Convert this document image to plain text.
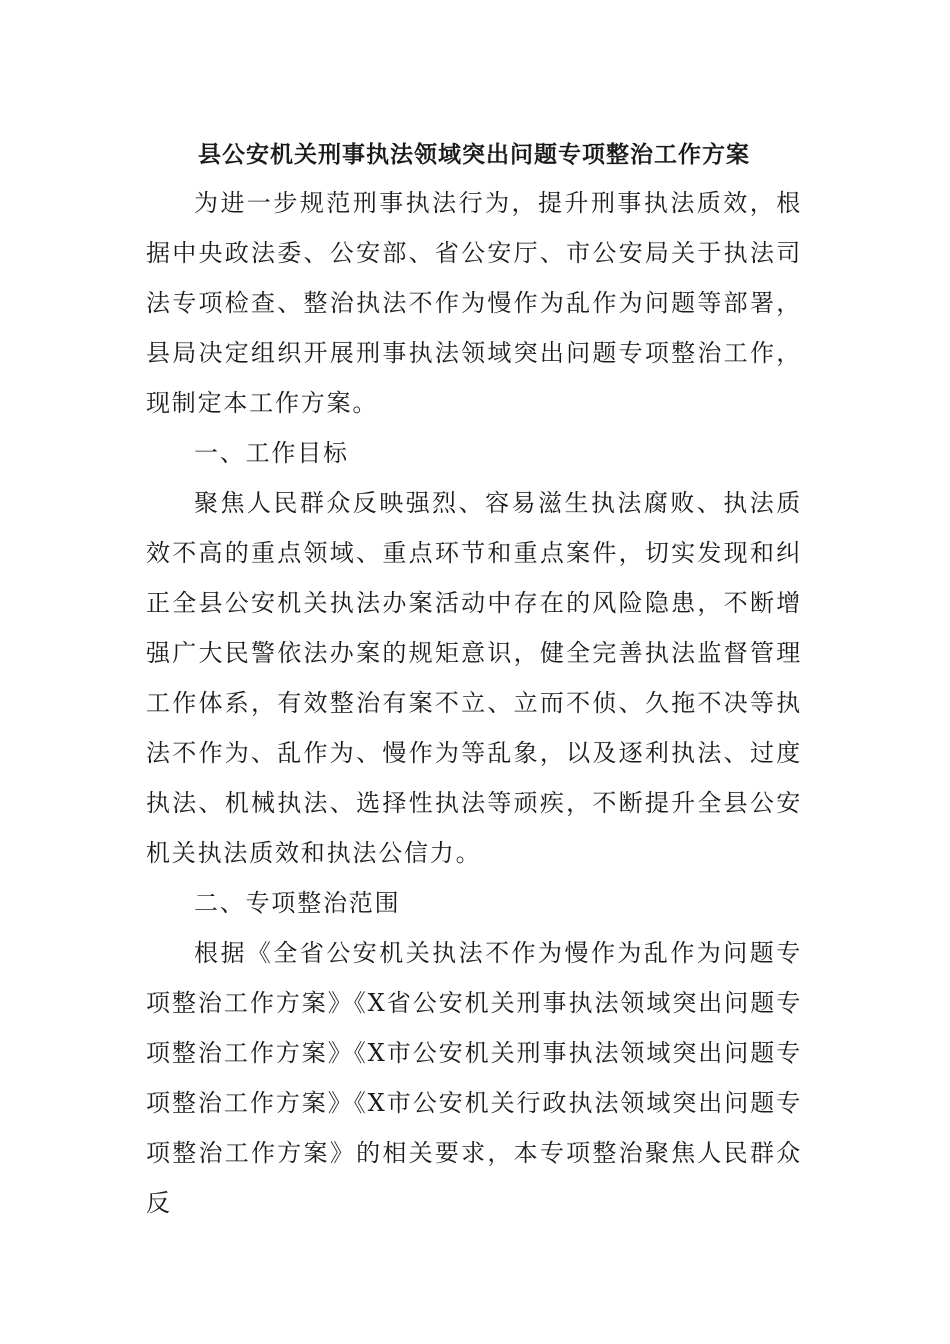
县公安机关刑事执法领域突出问题专项整治工作方案

为进一步规范刑事执法行为，提升刑事执法质效，根据中央政法委、公安部、省公安厅、市公安局关于执法司法专项检查、整治执法不作为慢作为乱作为问题等部署，县局决定组织开展刑事执法领域突出问题专项整治工作，现制定本工作方案。

一、工作目标

聚焦人民群众反映强烈、容易滋生执法腐败、执法质效不高的重点领域、重点环节和重点案件，切实发现和纠正全县公安机关执法办案活动中存在的风险隐患，不断增强广大民警依法办案的规矩意识，健全完善执法监督管理工作体系，有效整治有案不立、立而不侦、久拖不决等执法不作为、乱作为、慢作为等乱象，以及逐利执法、过度执法、机械执法、选择性执法等顽疾，不断提升全县公安机关执法质效和执法公信力。

二、专项整治范围

根据《全省公安机关执法不作为慢作为乱作为问题专项整治工作方案》《X省公安机关刑事执法领域突出问题专项整治工作方案》《X市公安机关刑事执法领域突出问题专项整治工作方案》《X市公安机关行政执法领域突出问题专项整治工作方案》的相关要求，本专项整治聚焦人民群众反
